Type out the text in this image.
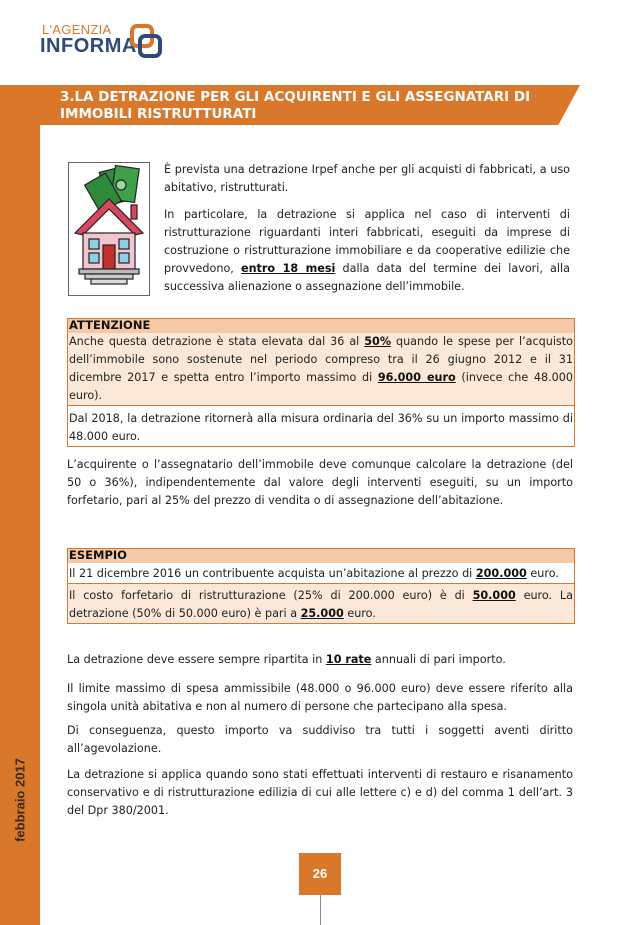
L'AGENZIA
INFORMA
febbraio 2017
3.LA DETRAZIONE PER GLI ACQUIRENTI E GLI ASSEGNATARI DI IMMOBILI RISTRUTTURATI
È prevista una detrazione Irpef anche per gli acquisti di fabbricati, a uso abitativo, ristrutturati.
In particolare, la detrazione si applica nel caso di interventi di ristrutturazione riguardanti interi fabbricati, eseguiti da imprese di costruzione o ristrutturazione immobiliare e da cooperative edilizie che provvedono, entro 18 mesi dalla data del termine dei lavori, alla successiva alienazione o assegnazione dell’immobile.
ATTENZIONE
Anche questa detrazione è stata elevata dal 36 al 50% quando le spese per l’acquisto dell’immobile sono sostenute nel periodo compreso tra il 26 giugno 2012 e il 31 dicembre 2017 e spetta entro l’importo massimo di 96.000 euro (invece che 48.000 euro).
Dal 2018, la detrazione ritornerà alla misura ordinaria del 36% su un importo massimo di 48.000 euro.
L’acquirente o l’assegnatario dell’immobile deve comunque calcolare la detrazione (del 50 o 36%), indipendentemente dal valore degli interventi eseguiti, su un importo forfetario, pari al 25% del prezzo di vendita o di assegnazione dell’abitazione.
ESEMPIO
Il 21 dicembre 2016 un contribuente acquista un’abitazione al prezzo di 200.000 euro.
Il costo forfetario di ristrutturazione (25% di 200.000 euro) è di 50.000 euro. La detrazione (50% di 50.000 euro) è pari a 25.000 euro.
La detrazione deve essere sempre ripartita in 10 rate annuali di pari importo.
Il limite massimo di spesa ammissibile (48.000 o 96.000 euro) deve essere riferito alla singola unità abitativa e non al numero di persone che partecipano alla spesa.
Di conseguenza, questo importo va suddiviso tra tutti i soggetti aventi diritto all’agevolazione.
La detrazione si applica quando sono stati effettuati interventi di restauro e risanamento conservativo e di ristrutturazione edilizia di cui alle lettere c) e d) del comma 1 dell’art. 3 del Dpr 380/2001.
26
